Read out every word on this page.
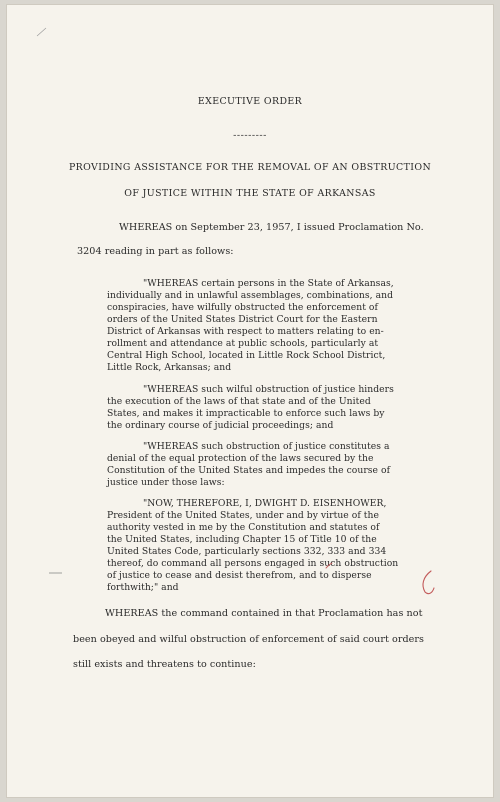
EXECUTIVE ORDER
---------
PROVIDING ASSISTANCE FOR THE REMOVAL OF AN OBSTRUCTION
OF JUSTICE WITHIN THE STATE OF ARKANSAS
WHEREAS on September 23, 1957, I issued Proclamation No.
3204 reading in part as follows:
"WHEREAS certain persons in the State of Arkansas,
individually and in unlawful assemblages, combinations, and
conspiracies, have wilfully obstructed the enforcement of
orders of the United States District Court for the Eastern
District of Arkansas with respect to matters relating to en-
rollment and attendance at public schools, particularly at
Central High School, located in Little Rock School District,
Little Rock, Arkansas; and
"WHEREAS such wilful obstruction of justice hinders
the execution of the laws of that state and of the United
States, and makes it impracticable to enforce such laws by
the ordinary course of judicial proceedings; and
"WHEREAS such obstruction of justice constitutes a
denial of the equal protection of the laws secured by the
Constitution of the United States and impedes the course of
justice under those laws:
"NOW, THEREFORE, I, DWIGHT D. EISENHOWER,
President of the United States, under and by virtue of the
authority vested in me by the Constitution and statutes of
the United States, including Chapter 15 of Title 10 of the
United States Code, particularly sections 332, 333 and 334
thereof, do command all persons engaged in such obstruction
of justice to cease and desist therefrom, and to disperse
forthwith;" and
WHEREAS the command contained in that Proclamation has not
been obeyed and wilful obstruction of enforcement of said court orders
still exists and threatens to continue:
